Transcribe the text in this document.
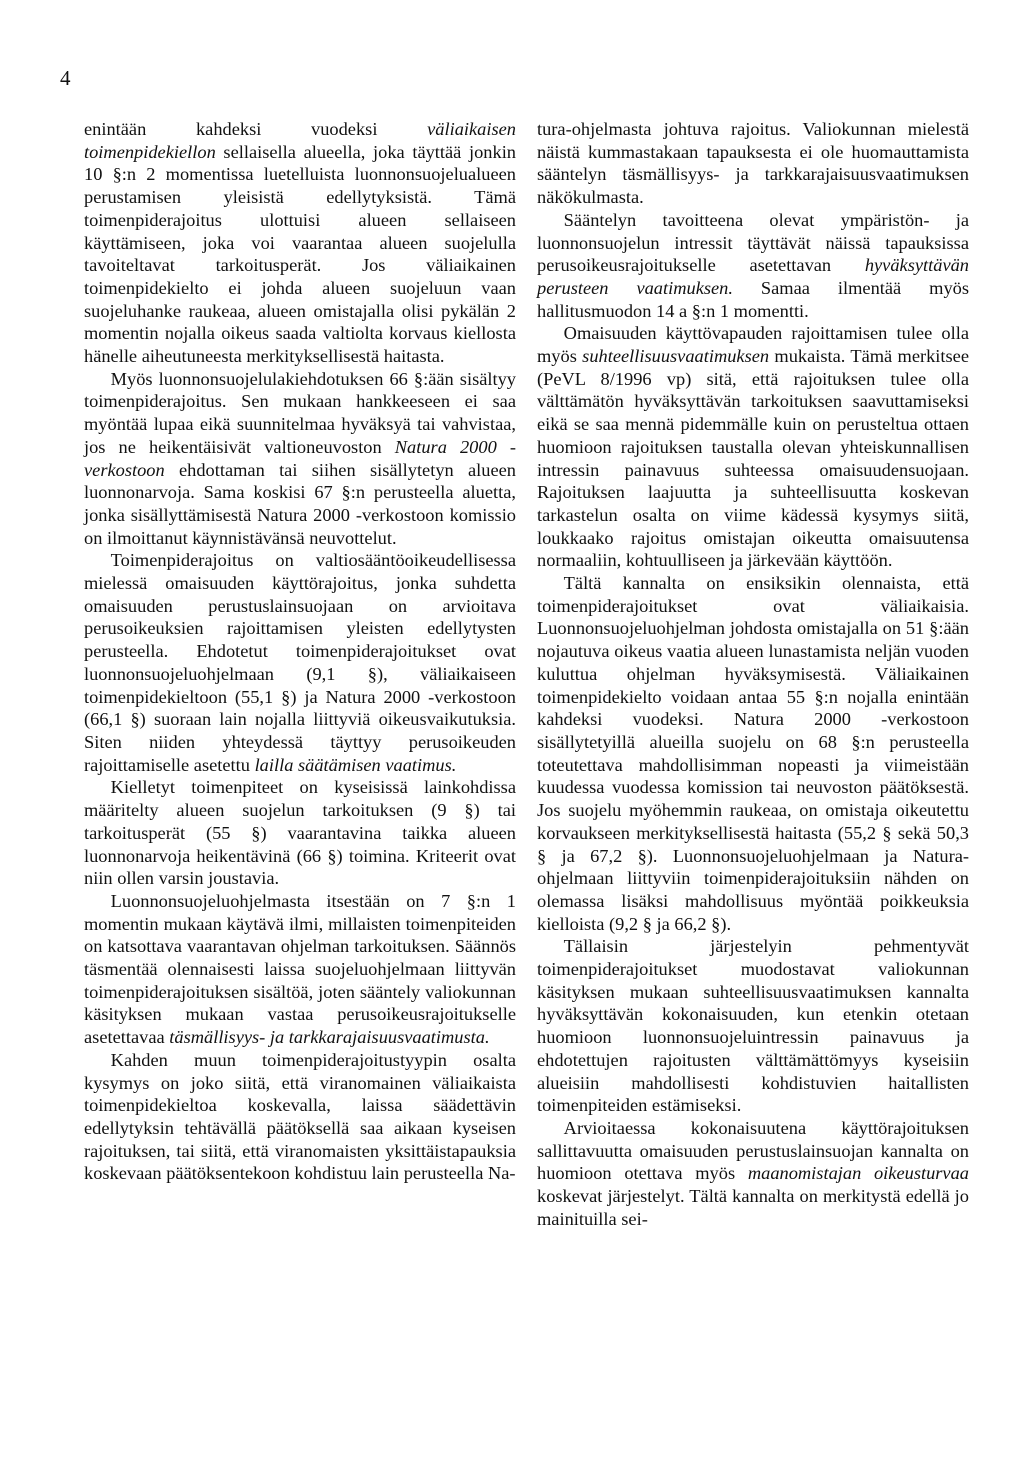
4

enintään kahdeksi vuodeksi väliaikaisen toimenpidekiellon sellaisella alueella, joka täyttää jonkin 10 §:n 2 momentissa luetelluista luonnonsuojelualueen perustamisen yleisistä edellytyksistä. Tämä toimenpiderajoitus ulottuisi alueen sellaiseen käyttämiseen, joka voi vaarantaa alueen suojelulla tavoiteltavat tarkoitusperät. Jos väliaikainen toimenpidekielto ei johda alueen suojeluun vaan suojeluhanke raukeaa, alueen omistajalla olisi pykälän 2 momentin nojalla oikeus saada valtiolta korvaus kiellosta hänelle aiheutuneesta merkityksellisestä haitasta.

Myös luonnonsuojelulakiehdotuksen 66 §:ään sisältyy toimenpiderajoitus. Sen mukaan hankkeeseen ei saa myöntää lupaa eikä suunnitelmaa hyväksyä tai vahvistaa, jos ne heikentäisivät valtioneuvoston Natura 2000 -verkostoon ehdottaman tai siihen sisällytetyn alueen luonnonarvoja. Sama koskisi 67 §:n perusteella aluetta, jonka sisällyttämisestä Natura 2000 -verkostoon komissio on ilmoittanut käynnistävänsä neuvottelut.

Toimenpiderajoitus on valtiosääntöoikeudellisessa mielessä omaisuuden käyttörajoitus, jonka suhdetta omaisuuden perustuslainsuojaan on arvioitava perusoikeuksien rajoittamisen yleisten edellytysten perusteella. Ehdotetut toimenpiderajoitukset ovat luonnonsuojeluohjelmaan (9,1 §), väliaikaiseen toimenpidekieltoon (55,1 §) ja Natura 2000 -verkostoon (66,1 §) suoraan lain nojalla liittyviä oikeusvaikutuksia. Siten niiden yhteydessä täyttyy perusoikeuden rajoittamiselle asetettu lailla säätämisen vaatimus.

Kielletyt toimenpiteet on kyseisissä lainkohdissa määritelty alueen suojelun tarkoituksen (9 §) tai tarkoitusperät (55 §) vaarantavina taikka alueen luonnonarvoja heikentävinä (66 §) toimina. Kriteerit ovat niin ollen varsin joustavia.

Luonnonsuojeluohjelmasta itsestään on 7 §:n 1 momentin mukaan käytävä ilmi, millaisten toimenpiteiden on katsottava vaarantavan ohjelman tarkoituksen. Säännös täsmentää olennaisesti laissa suojeluohjelmaan liittyvän toimenpiderajoituksen sisältöä, joten sääntely valiokunnan käsityksen mukaan vastaa perusoikeusrajoitukselle asetettavaa täsmällisyys- ja tarkkarajaisuusvaatimusta.

Kahden muun toimenpiderajoitustyypin osalta kysymys on joko siitä, että viranomainen väliaikaista toimenpidekieltoa koskevalla, laissa säädettävin edellytyksin tehtävällä päätöksellä saa aikaan kyseisen rajoituksen, tai siitä, että viranomaisten yksittäistapauksia koskevaan päätöksentekoon kohdistuu lain perusteella Na-

tura-ohjelmasta johtuva rajoitus. Valiokunnan mielestä näistä kummastakaan tapauksesta ei ole huomauttamista sääntelyn täsmällisyys- ja tarkkarajaisuusvaatimuksen näkökulmasta.

Sääntelyn tavoitteena olevat ympäristön- ja luonnonsuojelun intressit täyttävät näissä tapauksissa perusoikeusrajoitukselle asetettavan hyväksyttävän perusteen vaatimuksen. Samaa ilmentää myös hallitusmuodon 14 a §:n 1 momentti.

Omaisuuden käyttövapauden rajoittamisen tulee olla myös suhteellisuusvaatimuksen mukaista. Tämä merkitsee (PeVL 8/1996 vp) sitä, että rajoituksen tulee olla välttämätön hyväksyttävän tarkoituksen saavuttamiseksi eikä se saa mennä pidemmälle kuin on perusteltua ottaen huomioon rajoituksen taustalla olevan yhteiskunnallisen intressin painavuus suhteessa omaisuudensuojaan. Rajoituksen laajuutta ja suhteellisuutta koskevan tarkastelun osalta on viime kädessä kysymys siitä, loukkaako rajoitus omistajan oikeutta omaisuutensa normaaliin, kohtuulliseen ja järkevään käyttöön.

Tältä kannalta on ensiksikin olennaista, että toimenpiderajoitukset ovat väliaikaisia. Luonnonsuojeluohjelman johdosta omistajalla on 51 §:ään nojautuva oikeus vaatia alueen lunastamista neljän vuoden kuluttua ohjelman hyväksymisestä. Väliaikainen toimenpidekielto voidaan antaa 55 §:n nojalla enintään kahdeksi vuodeksi. Natura 2000 -verkostoon sisällytetyillä alueilla suojelu on 68 §:n perusteella toteutettava mahdollisimman nopeasti ja viimeistään kuudessa vuodessa komission tai neuvoston päätöksestä. Jos suojelu myöhemmin raukeaa, on omistaja oikeutettu korvaukseen merkityksellisestä haitasta (55,2 § sekä 50,3 § ja 67,2 §). Luonnonsuojeluohjelmaan ja Natura-ohjelmaan liittyviin toimenpiderajoituksiin nähden on olemassa lisäksi mahdollisuus myöntää poikkeuksia kielloista (9,2 § ja 66,2 §).

Tällaisin järjestelyin pehmentyvät toimenpiderajoitukset muodostavat valiokunnan käsityksen mukaan suhteellisuusvaatimuksen kannalta hyväksyttävän kokonaisuuden, kun etenkin otetaan huomioon luonnonsuojeluintressin painavuus ja ehdotettujen rajoitusten välttämättömyys kyseisiin alueisiin mahdollisesti kohdistuvien haitallisten toimenpiteiden estämiseksi.

Arvioitaessa kokonaisuutena käyttörajoituksen sallittavuutta omaisuuden perustuslainsuojan kannalta on huomioon otettava myös maanomistajan oikeusturvaa koskevat järjestelyt. Tältä kannalta on merkitystä edellä jo mainituilla sei-
